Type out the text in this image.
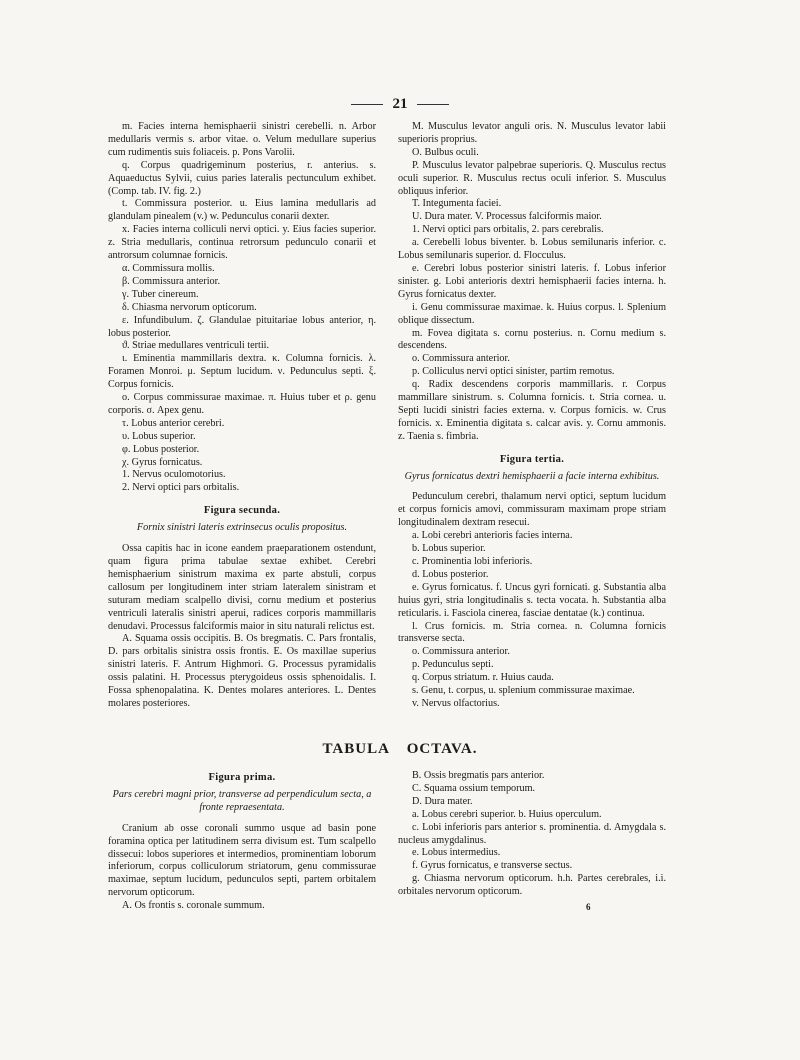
21

m. Facies interna hemisphaerii sinistri cerebelli. n. Arbor medullaris vermis s. arbor vitae. o. Velum medullare superius cum rudimentis suis foliaceis. p. Pons Varolii.

q. Corpus quadrigeminum posterius, r. anterius. s. Aquaeductus Sylvii, cuius paries lateralis pectunculum exhibet. (Comp. tab. IV. fig. 2.)

t. Commissura posterior. u. Eius lamina medullaris ad glandulam pinealem (v.) w. Pedunculus conarii dexter.

x. Facies interna colliculi nervi optici. y. Eius facies superior. z. Stria medullaris, continua retrorsum pedunculo conarii et antrorsum columnae fornicis.

α. Commissura mollis.

β. Commissura anterior.

γ. Tuber cinereum.

δ. Chiasma nervorum opticorum.

ε. Infundibulum. ζ. Glandulae pituitariae lobus anterior, η. lobus posterior.

ϑ. Striae medullares ventriculi tertii.

ι. Eminentia mammillaris dextra. κ. Columna fornicis. λ. Foramen Monroi. μ. Septum lucidum. ν. Pedunculus septi. ξ. Corpus fornicis.

ο. Corpus commissurae maximae. π. Huius tuber et ρ. genu corporis. σ. Apex genu.

τ. Lobus anterior cerebri.

υ. Lobus superior.

φ. Lobus posterior.

χ. Gyrus fornicatus.

1. Nervus oculomotorius.

2. Nervi optici pars orbitalis.

Figura secunda.

Fornix sinistri lateris extrinsecus oculis propositus.

Ossa capitis hac in icone eandem praeparationem ostendunt, quam figura prima tabulae sextae exhibet. Cerebri hemisphaerium sinistrum maxima ex parte abstuli, corpus callosum per longitudinem inter striam lateralem sinistram et suturam mediam scalpello divisi, cornu medium et posterius ventriculi lateralis sinistri aperui, radices corporis mammillaris denudavi. Processus falciformis maior in situ naturali relictus est.

A. Squama ossis occipitis. B. Os bregmatis. C. Pars frontalis, D. pars orbitalis sinistra ossis frontis. E. Os maxillae superius sinistri lateris. F. Antrum Highmori. G. Processus pyramidalis ossis palatini. H. Processus pterygoideus ossis sphenoidalis. I. Fossa sphenopalatina. K. Dentes molares anteriores. L. Dentes molares posteriores.

M. Musculus levator anguli oris. N. Musculus levator labii superioris proprius.

O. Bulbus oculi.

P. Musculus levator palpebrae superioris. Q. Musculus rectus oculi superior. R. Musculus rectus oculi inferior. S. Musculus obliquus inferior.

T. Integumenta faciei.

U. Dura mater. V. Processus falciformis maior.

1. Nervi optici pars orbitalis, 2. pars cerebralis.

a. Cerebelli lobus biventer. b. Lobus semilunaris inferior. c. Lobus semilunaris superior. d. Flocculus.

e. Cerebri lobus posterior sinistri lateris. f. Lobus inferior sinister. g. Lobi anterioris dextri hemisphaerii facies interna. h. Gyrus fornicatus dexter.

i. Genu commissurae maximae. k. Huius corpus. l. Splenium oblique dissectum.

m. Fovea digitata s. cornu posterius. n. Cornu medium s. descendens.

o. Commissura anterior.

p. Colliculus nervi optici sinister, partim remotus.

q. Radix descendens corporis mammillaris. r. Corpus mammillare sinistrum. s. Columna fornicis. t. Stria cornea. u. Septi lucidi sinistri facies externa. v. Corpus fornicis. w. Crus fornicis. x. Eminentia digitata s. calcar avis. y. Cornu ammonis. z. Taenia s. fimbria.

Figura tertia.

Gyrus fornicatus dextri hemisphaerii a facie interna exhibitus.

Pedunculum cerebri, thalamum nervi optici, septum lucidum et corpus fornicis amovi, commissuram maximam prope striam longitudinalem dextram resecui.

a. Lobi cerebri anterioris facies interna.

b. Lobus superior.

c. Prominentia lobi inferioris.

d. Lobus posterior.

e. Gyrus fornicatus. f. Uncus gyri fornicati. g. Substantia alba huius gyri, stria longitudinalis s. tecta vocata. h. Substantia alba reticularis. i. Fasciola cinerea, fasciae dentatae (k.) continua.

l. Crus fornicis. m. Stria cornea. n. Columna fornicis transverse secta.

o. Commissura anterior.

p. Pedunculus septi.

q. Corpus striatum. r. Huius cauda.

s. Genu, t. corpus, u. splenium commissurae maximae.

v. Nervus olfactorius.

TABULA OCTAVA.

Figura prima.

Pars cerebri magni prior, transverse ad perpendiculum secta, a fronte repraesentata.

Cranium ab osse coronali summo usque ad basin pone foramina optica per latitudinem serra divisum est. Tum scalpello dissecui: lobos superiores et intermedios, prominentiam loborum inferiorum, corpus colliculorum striatorum, genu commissurae maximae, septum lucidum, pedunculos septi, partem orbitalem nervorum opticorum.

A. Os frontis s. coronale summum.

B. Ossis bregmatis pars anterior.

C. Squama ossium temporum.

D. Dura mater.

a. Lobus cerebri superior. b. Huius operculum.

c. Lobi inferioris pars anterior s. prominentia. d. Amygdala s. nucleus amygdalinus.

e. Lobus intermedius.

f. Gyrus fornicatus, e transverse sectus.

g. Chiasma nervorum opticorum. h.h. Partes cerebrales, i.i. orbitales nervorum opticorum.

6
